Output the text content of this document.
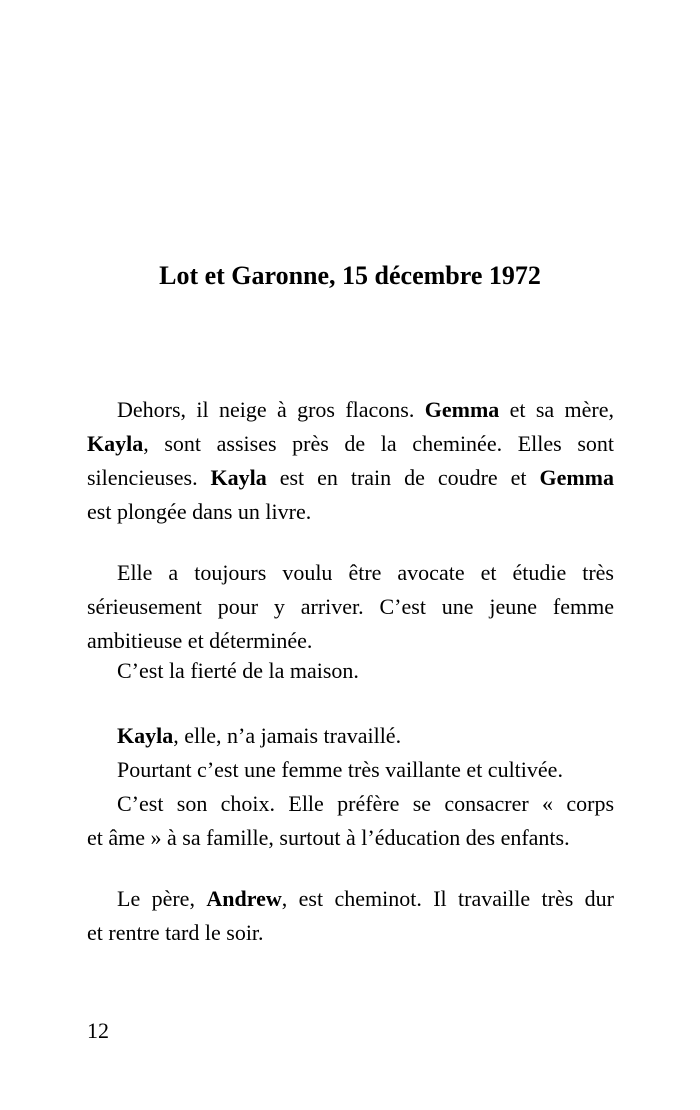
Lot et Garonne, 15 décembre 1972
Dehors, il neige à gros flacons. Gemma et sa mère,
Kayla, sont assises près de la cheminée. Elles sont
silencieuses. Kayla est en train de coudre et Gemma
est plongée dans un livre.
Elle a toujours voulu être avocate et étudie très
sérieusement pour y arriver. C’est une jeune femme
ambitieuse et déterminée.
C’est la fierté de la maison.
Kayla, elle, n’a jamais travaillé.
Pourtant c’est une femme très vaillante et cultivée.
C’est son choix. Elle préfère se consacrer « corps
et âme » à sa famille, surtout à l’éducation des enfants.
Le père, Andrew, est cheminot. Il travaille très dur
et rentre tard le soir.

12
